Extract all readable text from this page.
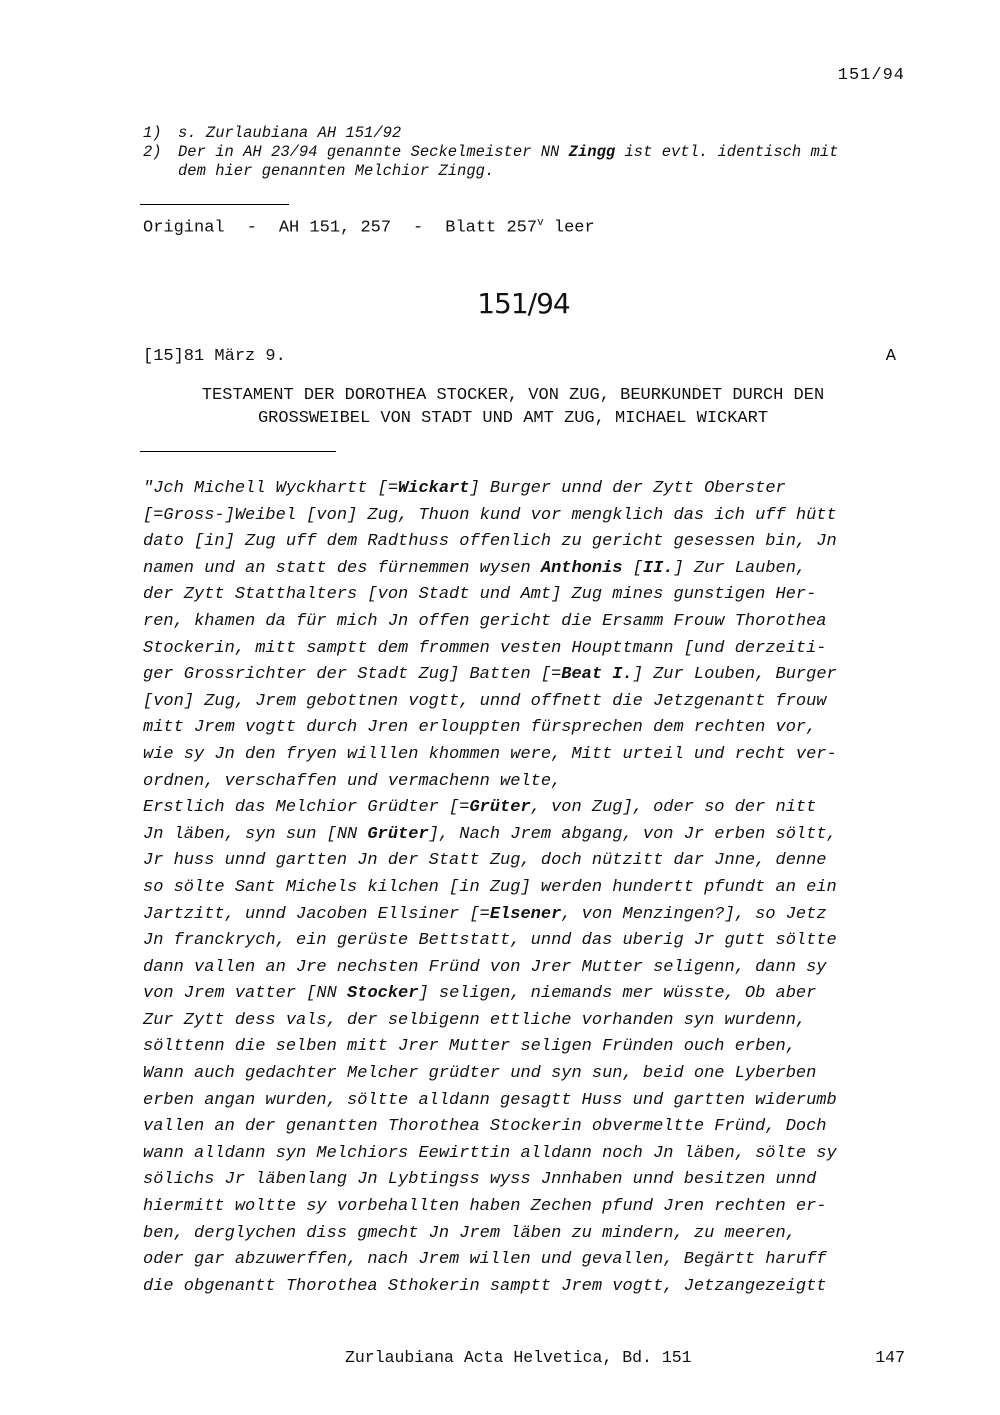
151/94
1) s. Zurlaubiana AH 151/92
2) Der in AH 23/94 genannte Seckelmeister NN Zingg ist evtl. identisch mit
dem hier genannten Melchior Zingg.
Original - AH 151, 257 - Blatt 257$^v$ leer
151/94
[15]81 März 9.	A
TESTAMENT DER DOROTHEA STOCKER, VON ZUG, BEURKUNDET DURCH DEN
GROSSWEIBEL VON STADT UND AMT ZUG, MICHAEL WICKART
"Jch Michell Wyckhartt [=Wickart] Burger unnd der Zytt Oberster
[=Gross-]Weibel [von] Zug, Thuon kund vor mengklich das ich uff hütt
dato [in] Zug uff dem Radthuss offenlich zu gericht gesessen bin, Jn
namen und an statt des fürnemmen wysen Anthonis [II.] Zur Lauben,
der Zytt Statthalters [von Stadt und Amt] Zug mines gunstigen Her-
ren, khamen da für mich Jn offen gericht die Ersamm Frouw Thorothea
Stockerin, mitt samptt dem frommen vesten Houpttmann [und derzeiti-
ger Grossrichter der Stadt Zug] Batten [=Beat I.] Zur Louben, Burger
[von] Zug, Jrem gebottnen vogtt, unnd offnett die Jetzgenantt frouw
mitt Jrem vogtt durch Jren erlouppten fürsprechen dem rechten vor,
wie sy Jn den fryen willlen khommen were, Mitt urteil und recht ver-
ordnen, verschaffen und vermachenn welte,
Erstlich das Melchior Grüdter [=Grüter, von Zug], oder so der nitt
Jn läben, syn sun [NN Grüter], Nach Jrem abgang, von Jr erben söltt,
Jr huss unnd gartten Jn der Statt Zug, doch nützitt dar Jnne, denne
so sölte Sant Michels kilchen [in Zug] werden hundertt pfundt an ein
Jartzitt, unnd Jacoben Ellsiner [=Elsener, von Menzingen?], so Jetz
Jn franckrych, ein gerüste Bettstatt, unnd das uberig Jr gutt söltte
dann vallen an Jre nechsten Fründ von Jrer Mutter seligenn, dann sy
von Jrem vatter [NN Stocker] seligen, niemands mer wüsste, Ob aber
Zur Zytt dess vals, der selbigenn ettliche vorhanden syn wurdenn,
sölttenn die selben mitt Jrer Mutter seligen Fründen ouch erben,
Wann auch gedachter Melcher grüdter und syn sun, beid one Lyberben
erben angan wurden, söltte alldann gesagtt Huss und gartten widerumb
vallen an der genantten Thorothea Stockerin obvermeltte Fründ, Doch
wann alldann syn Melchiors Eewirttin alldann noch Jn läben, sölte sy
sölichs Jr läbenlang Jn Lybtingss wyss Jnnhaben unnd besitzen unnd
hiermitt woltte sy vorbehallten haben Zechen pfund Jren rechten er-
ben, derglychen diss gmecht Jn Jrem läben zu mindern, zu meeren,
oder gar abzuwerffen, nach Jrem willen und gevallen, Begärtt haruff
die obgenantt Thorothea Sthokerin samptt Jrem vogtt, Jetzangezeigtt
Zurlaubiana Acta Helvetica, Bd. 151	147
